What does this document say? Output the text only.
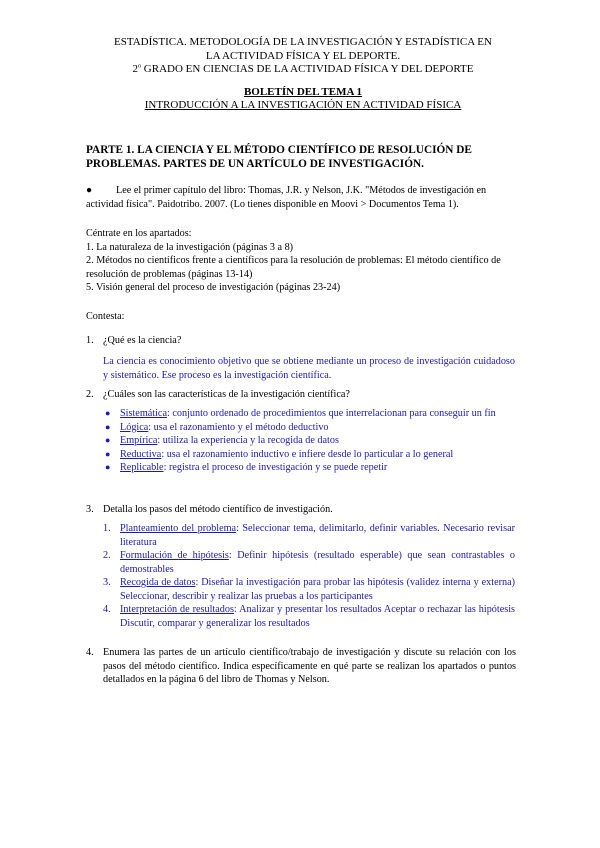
ESTADÍSTICA. METODOLOGÍA DE LA INVESTIGACIÓN Y ESTADÍSTICA EN
LA ACTIVIDAD FÍSICA Y EL DEPORTE.
2$^o$ GRADO EN CIENCIAS DE LA ACTIVIDAD FÍSICA Y DEL DEPORTE
BOLETÍN DEL TEMA 1
INTRODUCCIÓN A LA INVESTIGACIÓN EN ACTIVIDAD FÍSICA
PARTE 1. LA CIENCIA Y EL MÉTODO CIENTÍFICO DE RESOLUCIÓN DE PROBLEMAS. PARTES DE UN ARTÍCULO DE INVESTIGACIÓN.
● Lee el primer capítulo del libro: Thomas, J.R. y Nelson, J.K. "Métodos de investigación en actividad física". Paidotribo. 2007. (Lo tienes disponible en Moovi > Documentos Tema 1).
Céntrate en los apartados:
1. La naturaleza de la investigación (páginas 3 a 8)
2. Métodos no científicos frente a científicos para la resolución de problemas: El método científico de resolución de problemas (páginas 13-14)
5. Visión general del proceso de investigación (páginas 23-24)
Contesta:
1. ¿Qué es la ciencia?
La ciencia es conocimiento objetivo que se obtiene mediante un proceso de investigación cuidadoso y sistemático. Ese proceso es la investigación científica.
2. ¿Cuáles son las características de la investigación científica?
● Sistemática: conjunto ordenado de procedimientos que interrelacionan para conseguir un fin
● Lógica: usa el razonamiento y el método deductivo
● Empírica: utiliza la experiencia y la recogida de datos
● Reductiva: usa el razonamiento inductivo e infiere desde lo particular a lo general
● Replicable: registra el proceso de investigación y se puede repetir
3. Detalla los pasos del método científico de investigación.
1. Planteamiento del problema: Seleccionar tema, delimitarlo, definir variables. Necesario revisar literatura
2. Formulación de hipótesis: Definir hipótesis (resultado esperable) que sean contrastables o demostrables
3. Recogida de datos: Diseñar la investigación para probar las hipótesis (validez interna y externa) Seleccionar, describir y realizar las pruebas a los participantes
4. Interpretación de resultados: Analizar y presentar los resultados Aceptar o rechazar las hipótesis Discutir, comparar y generalizar los resultados
4. Enumera las partes de un artículo científico/trabajo de investigación y discute su relación con los pasos del método científico. Indica específicamente en qué parte se realizan los apartados o puntos detallados en la página 6 del libro de Thomas y Nelson.
